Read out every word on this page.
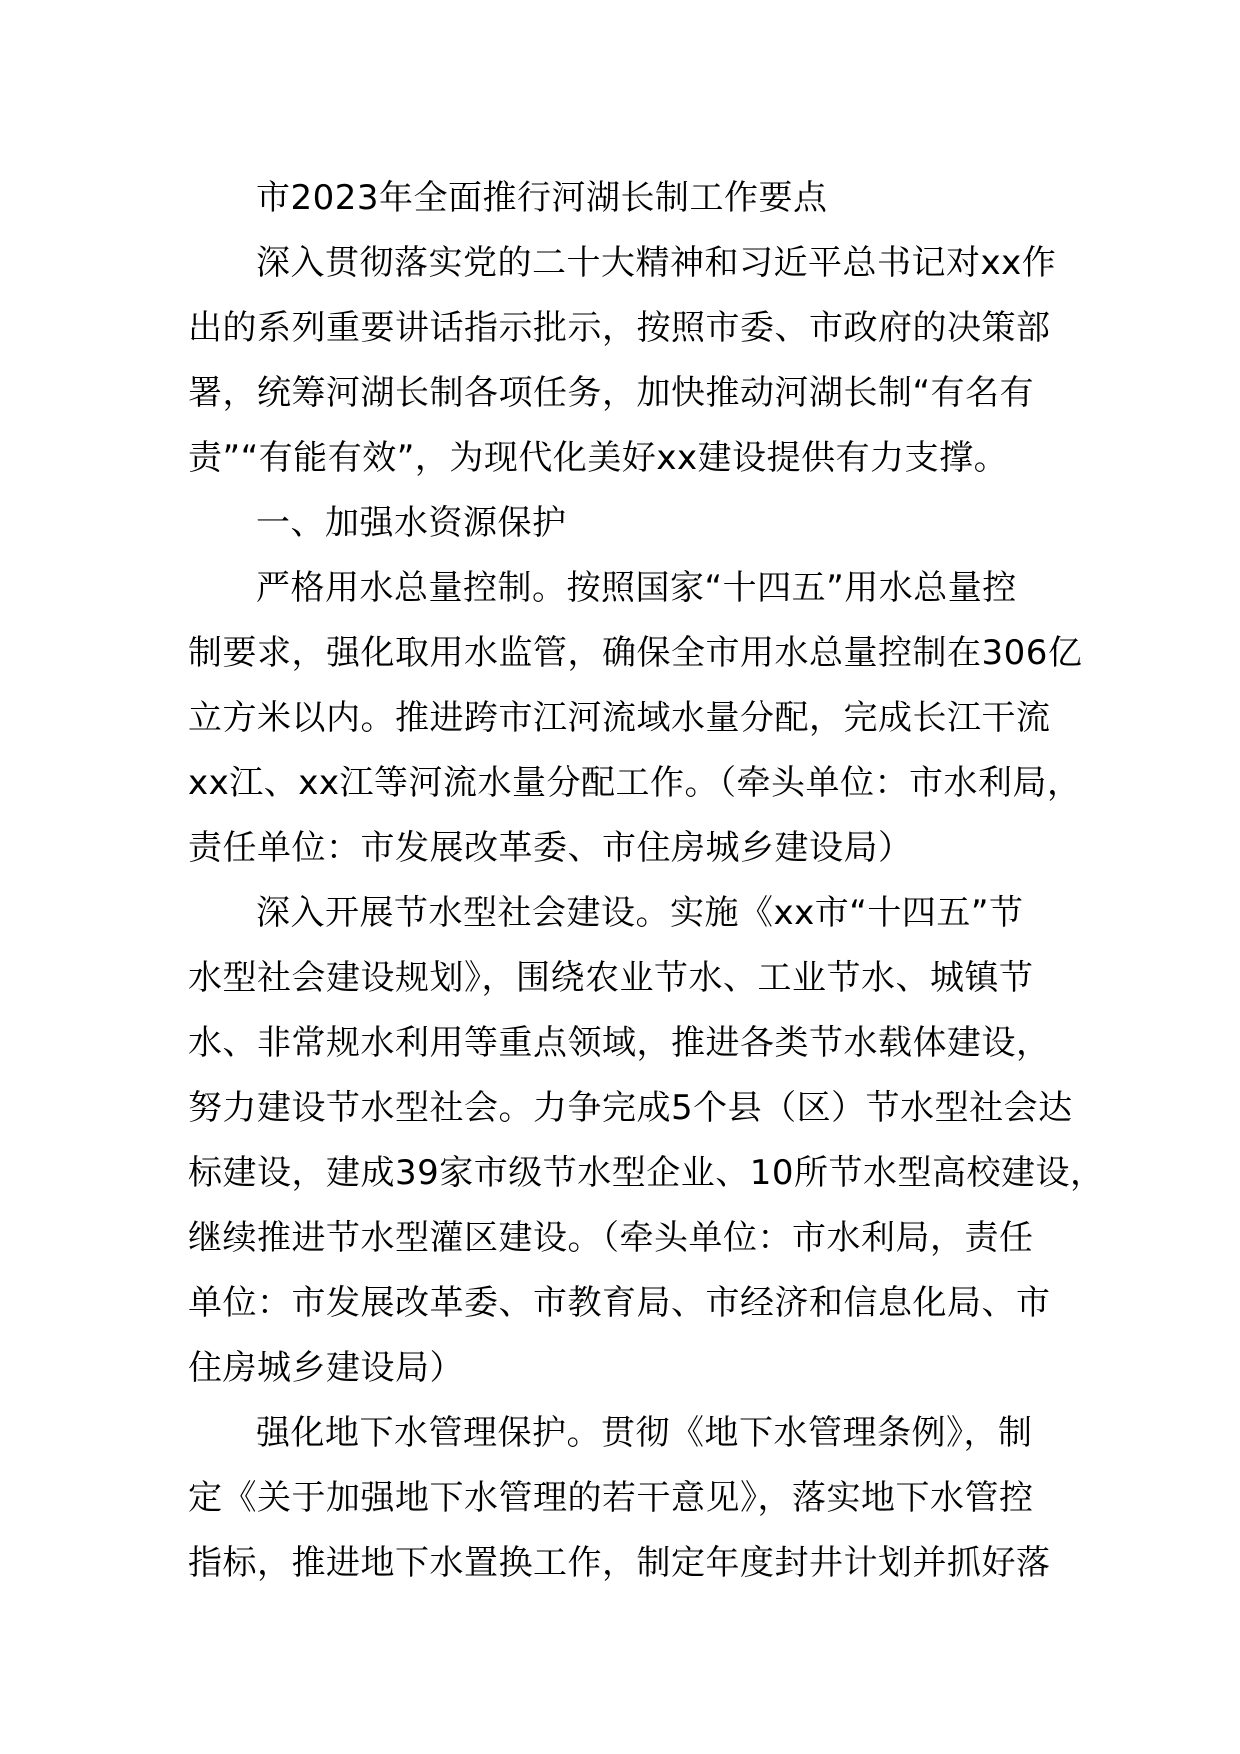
市2023年全面推行河湖长制工作要点
深入贯彻落实党的二十大精神和习近平总书记对xx作
出的系列重要讲话指示批示，按照市委、市政府的决策部
署，统筹河湖长制各项任务，加快推动河湖长制“有名有
责”“有能有效”，为现代化美好xx建设提供有力支撑。
一、加强水资源保护
严格用水总量控制。按照国家“十四五”用水总量控
制要求，强化取用水监管，确保全市用水总量控制在306亿
立方米以内。推进跨市江河流域水量分配，完成长江干流
xx江、xx江等河流水量分配工作。（牵头单位：市水利局，
责任单位：市发展改革委、市住房城乡建设局）
深入开展节水型社会建设。实施《xx市“十四五”节
水型社会建设规划》，围绕农业节水、工业节水、城镇节
水、非常规水利用等重点领域，推进各类节水载体建设，
努力建设节水型社会。力争完成5个县（区）节水型社会达
标建设，建成39家市级节水型企业、10所节水型高校建设，
继续推进节水型灌区建设。（牵头单位：市水利局，责任
单位：市发展改革委、市教育局、市经济和信息化局、市
住房城乡建设局）
强化地下水管理保护。贯彻《地下水管理条例》，制
定《关于加强地下水管理的若干意见》，落实地下水管控
指标，推进地下水置换工作，制定年度封井计划并抓好落
